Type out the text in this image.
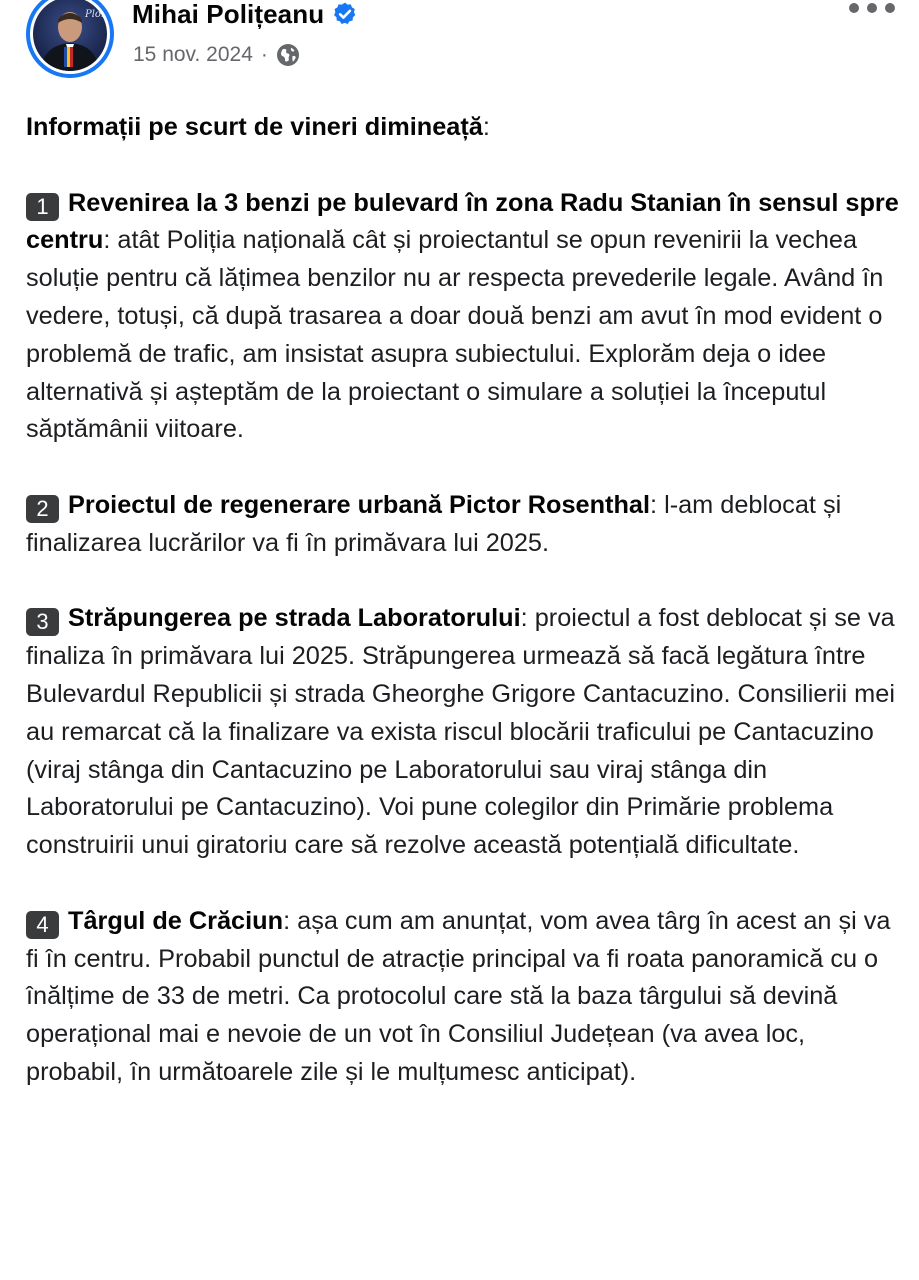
Ploi Mihai Polițeanu
15 nov. 2024 ·

Informații pe scurt de vineri dimineață:

1 Revenirea la 3 benzi pe bulevard în zona Radu Stanian în sensul spre centru: atât Poliția națională cât și proiectantul se opun revenirii la vechea soluție pentru că lățimea benzilor nu ar respecta prevederile legale. Având în vedere, totuși, că după trasarea a doar două benzi am avut în mod evident o problemă de trafic, am insistat asupra subiectului. Explorăm deja o idee alternativă și așteptăm de la proiectant o simulare a soluției la începutul săptămânii viitoare.

2 Proiectul de regenerare urbană Pictor Rosenthal: l-am deblocat și finalizarea lucrărilor va fi în primăvara lui 2025.

3 Străpungerea pe strada Laboratorului: proiectul a fost deblocat și se va finaliza în primăvara lui 2025. Străpungerea urmează să facă legătura între Bulevardul Republicii și strada Gheorghe Grigore Cantacuzino. Consilierii mei au remarcat că la finalizare va exista riscul blocării traficului pe Cantacuzino (viraj stânga din Cantacuzino pe Laboratorului sau viraj stânga din Laboratorului pe Cantacuzino). Voi pune colegilor din Primărie problema construirii unui giratoriu care să rezolve această potențială dificultate.

4 Târgul de Crăciun: așa cum am anunțat, vom avea târg în acest an și va fi în centru. Probabil punctul de atracție principal va fi roata panoramică cu o înălțime de 33 de metri. Ca protocolul care stă la baza târgului să devină operațional mai e nevoie de un vot în Consiliul Județean (va avea loc, probabil, în următoarele zile și le mulțumesc anticipat).
